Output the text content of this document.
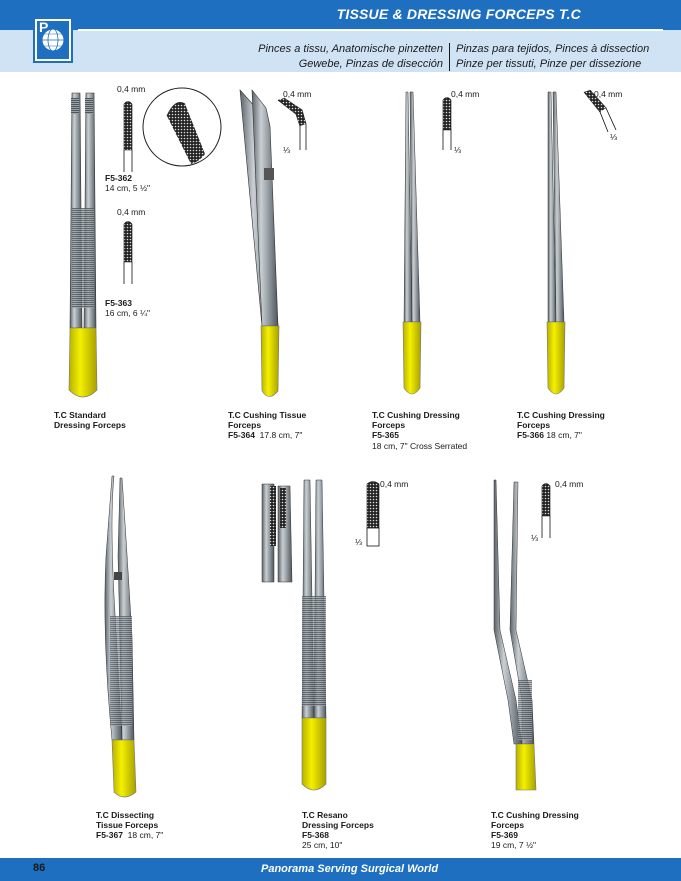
TISSUE & DRESSING FORCEPS T.C
Pinces a tissu, Anatomische pinzetten
Gewebe, Pinzas de disección
Pinzas para tejidos, Pinces à dissection
Pinze per tissuti, Pinze per dissezione
P
0,4 mm
F5-362
14 cm, 5 ½"
0,4 mm
F5-363
16 cm, 6 ¼"
T.C Standard
Dressing Forceps
0,4 mm
⅓
T.C Cushing Tissue
Forceps
F5-364 17.8 cm, 7"
0,4 mm
⅓
T.C Cushing Dressing
Forceps
F5-365
18 cm, 7" Cross Serrated
0,4 mm
⅓
T.C Cushing Dressing
Forceps
F5-366 18 cm, 7"
T.C Dissecting
Tissue Forceps
F5-367 18 cm, 7"
0,4 mm
⅓
T.C Resano
Dressing Forceps
F5-368
25 cm, 10"
0,4 mm
⅓
T.C Cushing Dressing
Forceps
F5-369
19 cm, 7 ½"
86	Panorama Serving Surgical World
